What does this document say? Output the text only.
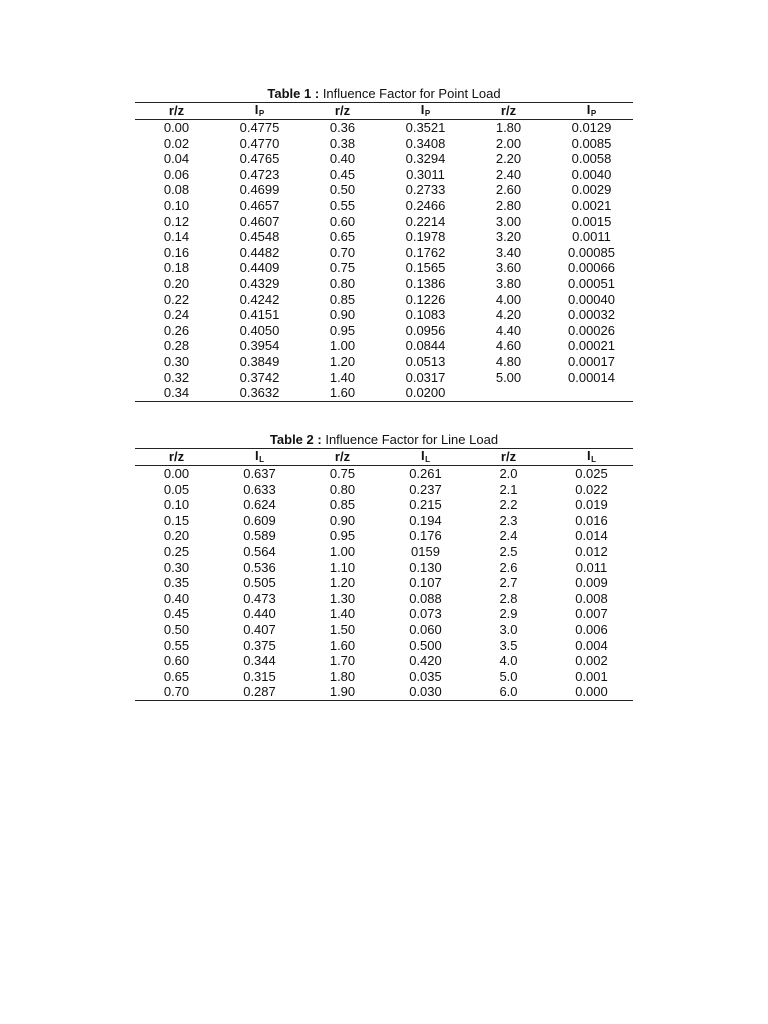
Table 1 : Influence Factor for Point Load
r/z	$I_P$	r/z	$I_P$	r/z	$I_P$
0.00	0.4775	0.36	0.3521	1.80	0.0129
0.02	0.4770	0.38	0.3408	2.00	0.0085
0.04	0.4765	0.40	0.3294	2.20	0.0058
0.06	0.4723	0.45	0.3011	2.40	0.0040
0.08	0.4699	0.50	0.2733	2.60	0.0029
0.10	0.4657	0.55	0.2466	2.80	0.0021
0.12	0.4607	0.60	0.2214	3.00	0.0015
0.14	0.4548	0.65	0.1978	3.20	0.0011
0.16	0.4482	0.70	0.1762	3.40	0.00085
0.18	0.4409	0.75	0.1565	3.60	0.00066
0.20	0.4329	0.80	0.1386	3.80	0.00051
0.22	0.4242	0.85	0.1226	4.00	0.00040
0.24	0.4151	0.90	0.1083	4.20	0.00032
0.26	0.4050	0.95	0.0956	4.40	0.00026
0.28	0.3954	1.00	0.0844	4.60	0.00021
0.30	0.3849	1.20	0.0513	4.80	0.00017
0.32	0.3742	1.40	0.0317	5.00	0.00014
0.34	0.3632	1.60	0.0200		
Table 2 : Influence Factor for Line Load
r/z	$I_L$	r/z	$I_L$	r/z	$I_L$
0.00	0.637	0.75	0.261	2.0	0.025
0.05	0.633	0.80	0.237	2.1	0.022
0.10	0.624	0.85	0.215	2.2	0.019
0.15	0.609	0.90	0.194	2.3	0.016
0.20	0.589	0.95	0.176	2.4	0.014
0.25	0.564	1.00	0159	2.5	0.012
0.30	0.536	1.10	0.130	2.6	0.011
0.35	0.505	1.20	0.107	2.7	0.009
0.40	0.473	1.30	0.088	2.8	0.008
0.45	0.440	1.40	0.073	2.9	0.007
0.50	0.407	1.50	0.060	3.0	0.006
0.55	0.375	1.60	0.500	3.5	0.004
0.60	0.344	1.70	0.420	4.0	0.002
0.65	0.315	1.80	0.035	5.0	0.001
0.70	0.287	1.90	0.030	6.0	0.000
